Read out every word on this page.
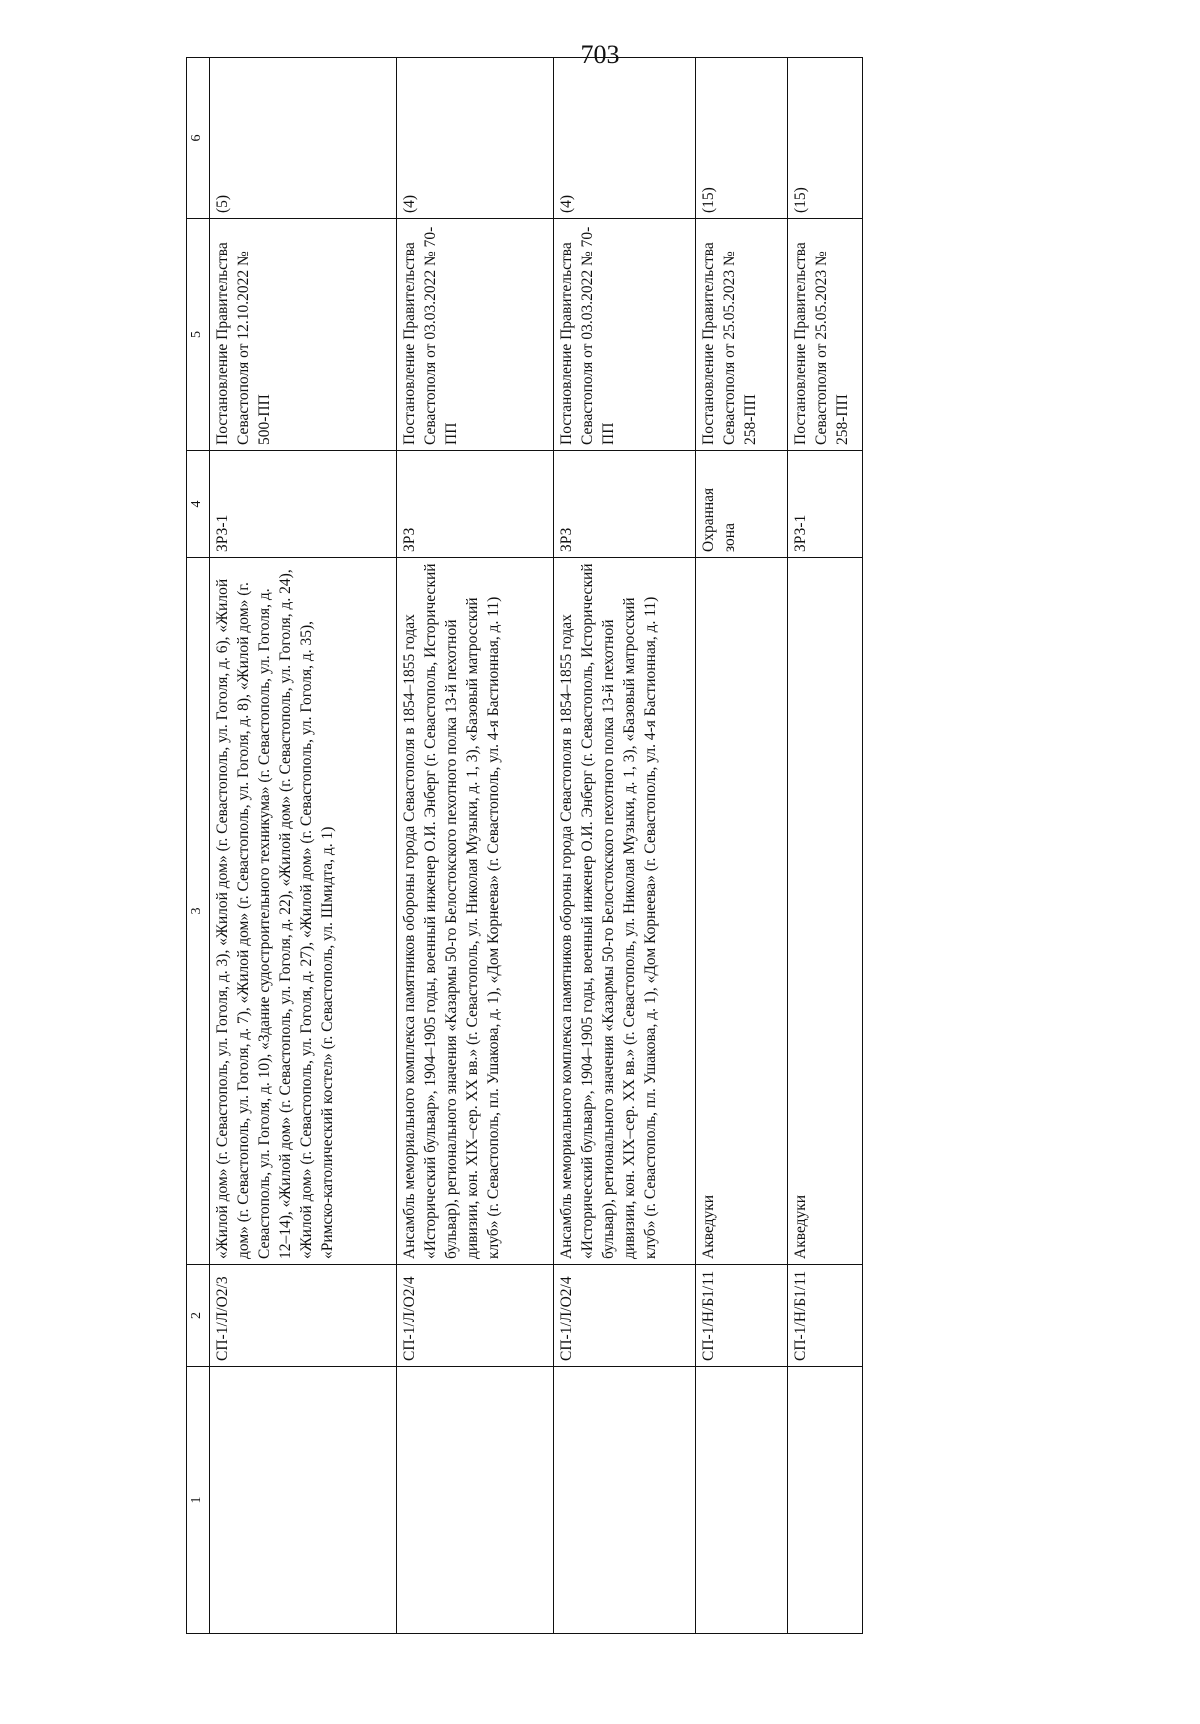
703
1	2	3	4	5	6
	СП-1/Л/О2/3	«Жилой дом» (г. Севастополь, ул. Гоголя, д. 3), «Жилой дом» (г. Севастополь, ул. Гоголя, д. 6), «Жилой дом» (г. Севастополь, ул. Гоголя, д. 7), «Жилой дом» (г. Севастополь, ул. Гоголя, д. 8), «Жилой дом» (г. Севастополь, ул. Гоголя, д. 10), «Здание судостроительного техникума» (г. Севастополь, ул. Гоголя, д. 12–14), «Жилой дом» (г. Севастополь, ул. Гоголя, д. 22), «Жилой дом» (г. Севастополь, ул. Гоголя, д. 24), «Жилой дом» (г. Севастополь, ул. Гоголя, д. 27), «Жилой дом» (г. Севастополь, ул. Гоголя, д. 35), «Римско-католический костел» (г. Севастополь, ул. Шмидта, д. 1)	ЗРЗ-1	Постановление Правительства Севастополя от 12.10.2022 № 500-ПП	(5)
	СП-1/Л/О2/4	Ансамбль мемориального комплекса памятников обороны города Севастополя в 1854–1855 годах «Исторический бульвар», 1904–1905 годы, военный инженер О.И. Энберг (г. Севастополь, Исторический бульвар), регионального значения «Казармы 50-го Белостокского пехотного полка 13-й пехотной дивизии, кон. XIX–сер. XX вв.» (г. Севастополь, ул. Николая Музыки, д. 1, 3), «Базовый матросский клуб» (г. Севастополь, пл. Ушакова, д. 1), «Дом Корнеева» (г. Севастополь, ул. 4-я Бастионная, д. 11)	ЗРЗ	Постановление Правительства Севастополя от 03.03.2022 № 70-ПП	(4)
	СП-1/Л/О2/4	Ансамбль мемориального комплекса памятников обороны города Севастополя в 1854–1855 годах «Исторический бульвар», 1904–1905 годы, военный инженер О.И. Энберг (г. Севастополь, Исторический бульвар), регионального значения «Казармы 50-го Белостокского пехотного полка 13-й пехотной дивизии, кон. XIX–сер. XX вв.» (г. Севастополь, ул. Николая Музыки, д. 1, 3), «Базовый матросский клуб» (г. Севастополь, пл. Ушакова, д. 1), «Дом Корнеева» (г. Севастополь, ул. 4-я Бастионная, д. 11)	ЗРЗ	Постановление Правительства Севастополя от 03.03.2022 № 70-ПП	(4)
	СП-1/Н/Б1/11	Акведуки	Охранная зона	Постановление Правительства Севастополя от 25.05.2023 № 258-ПП	(15)
	СП-1/Н/Б1/11	Акведуки	ЗРЗ-1	Постановление Правительства Севастополя от 25.05.2023 № 258-ПП	(15)
